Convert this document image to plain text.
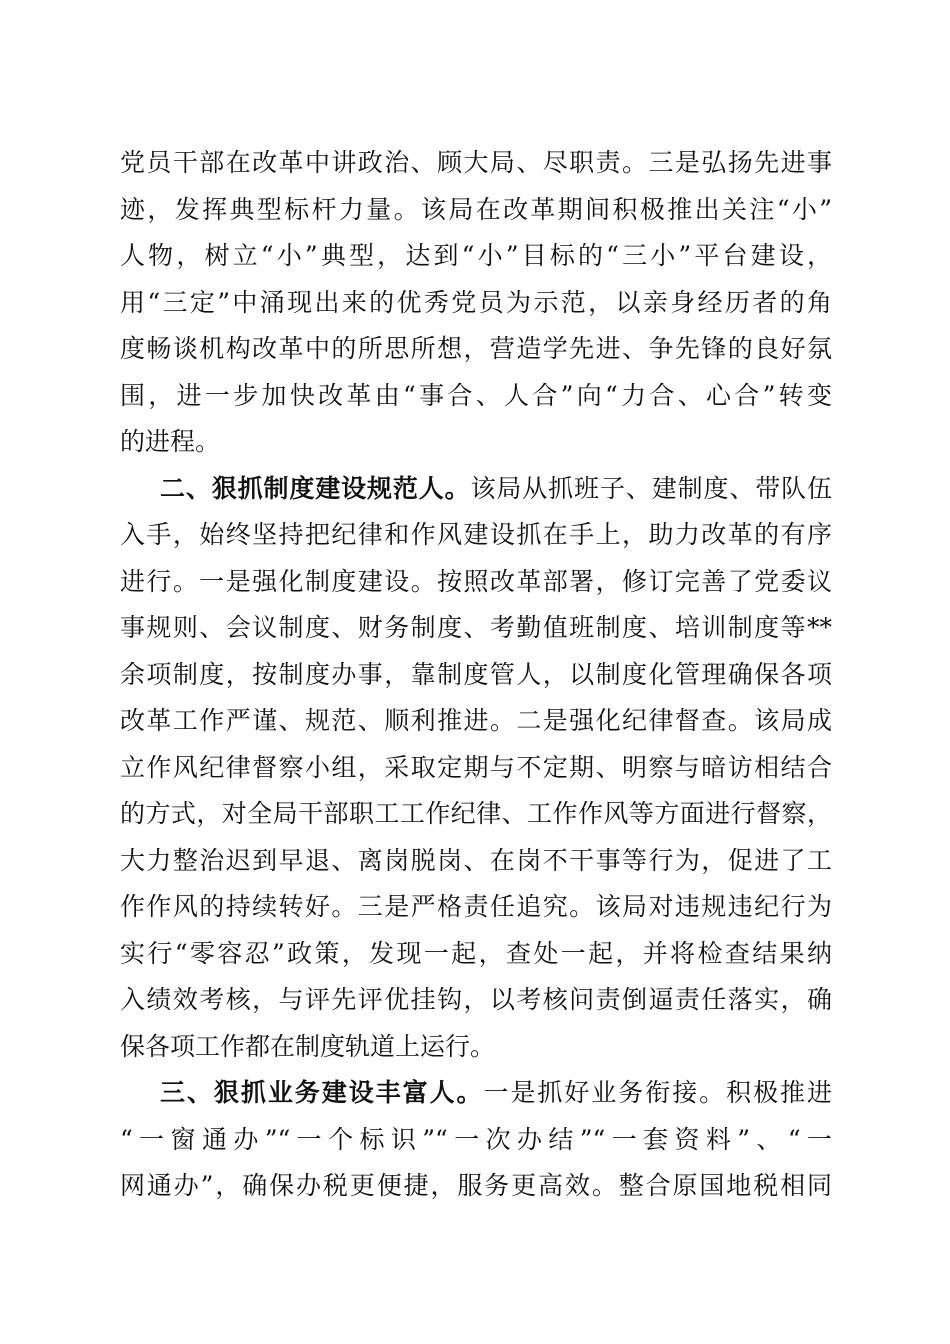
党员干部在改革中讲政治、顾大局、尽职责。三是弘扬先进事
迹，发挥典型标杆力量。该局在改革期间积极推出关注“小”
人物，树立“小”典型，达到“小”目标的“三小”平台建设，
用“三定”中涌现出来的优秀党员为示范，以亲身经历者的角
度畅谈机构改革中的所思所想，营造学先进、争先锋的良好氛
围，进一步加快改革由“事合、人合”向“力合、心合”转变
的进程。
二、狠抓制度建设规范人。该局从抓班子、建制度、带队伍
入手，始终坚持把纪律和作风建设抓在手上，助力改革的有序
进行。一是强化制度建设。按照改革部署，修订完善了党委议
事规则、会议制度、财务制度、考勤值班制度、培训制度等**
余项制度，按制度办事，靠制度管人，以制度化管理确保各项
改革工作严谨、规范、顺利推进。二是强化纪律督查。该局成
立作风纪律督察小组，采取定期与不定期、明察与暗访相结合
的方式，对全局干部职工工作纪律、工作作风等方面进行督察，
大力整治迟到早退、离岗脱岗、在岗不干事等行为，促进了工
作作风的持续转好。三是严格责任追究。该局对违规违纪行为
实行“零容忍”政策，发现一起，查处一起，并将检查结果纳
入绩效考核，与评先评优挂钩，以考核问责倒逼责任落实，确
保各项工作都在制度轨道上运行。
三、狠抓业务建设丰富人。一是抓好业务衔接。积极推进
“一窗通办”“一个标识”“一次办结”“一套资料”、“一
网通办”，确保办税更便捷，服务更高效。整合原国地税相同
